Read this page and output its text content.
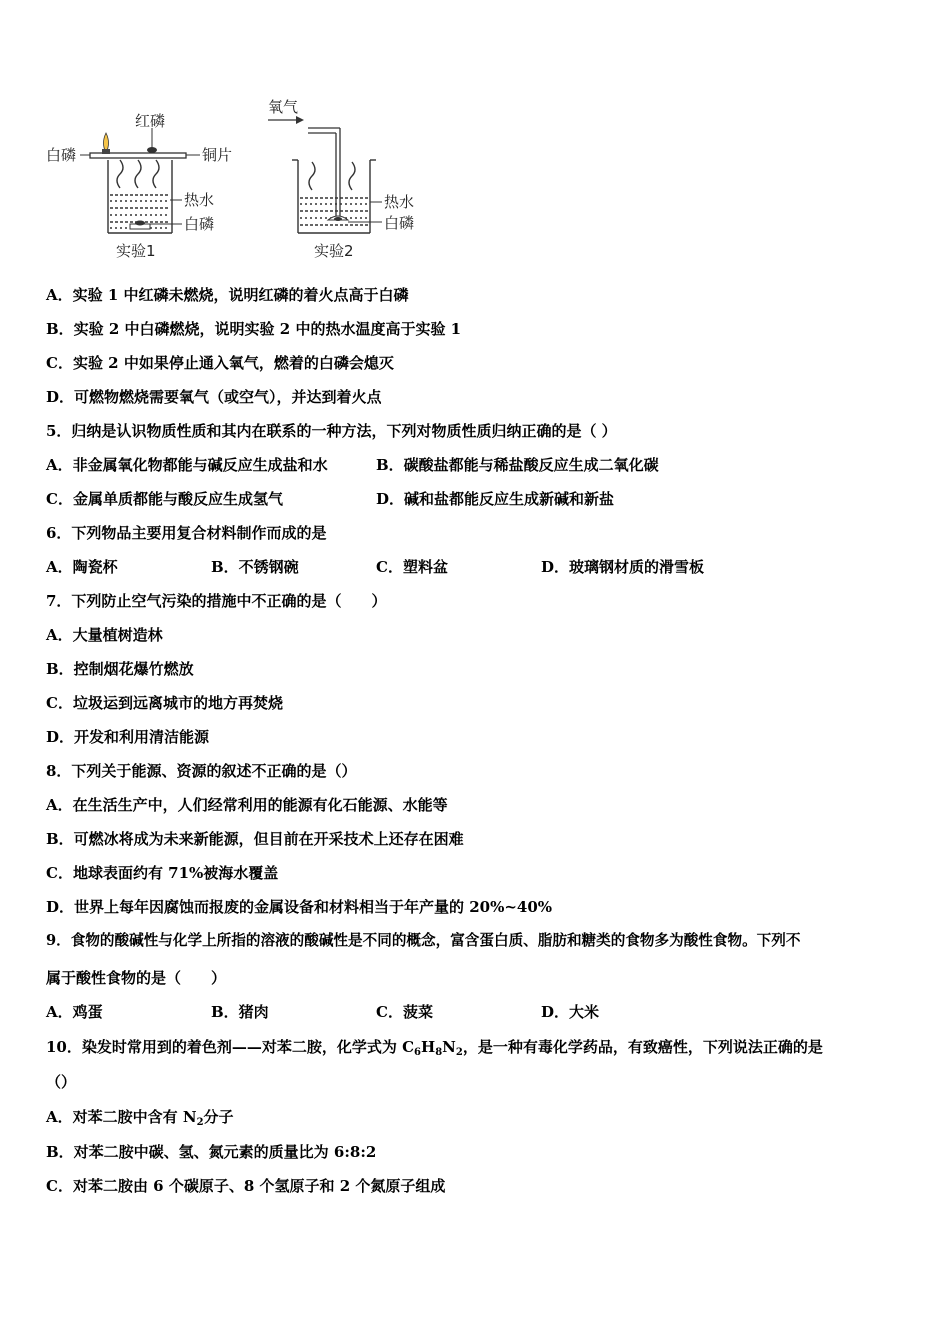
红磷
白磷	铜片
热水
白磷
实验1
氧气
热水
白磷
实验2
A．实验 1 中红磷未燃烧，说明红磷的着火点高于白磷
B．实验 2 中白磷燃烧，说明实验 2 中的热水温度高于实验 1
C．实验 2 中如果停止通入氧气，燃着的白磷会熄灭
D．可燃物燃烧需要氧气（或空气），并达到着火点
5．归纳是认识物质性质和其内在联系的一种方法，下列对物质性质归纳正确的是（ ）
A．非金属氧化物都能与碱反应生成盐和水	B．碳酸盐都能与稀盐酸反应生成二氧化碳
C．金属单质都能与酸反应生成氢气	D．碱和盐都能反应生成新碱和新盐
6．下列物品主要用复合材料制作而成的是
A．陶瓷杯	B．不锈钢碗	C．塑料盆	D．玻璃钢材质的滑雪板
7．下列防止空气污染的措施中不正确的是（　　）
A．大量植树造林
B．控制烟花爆竹燃放
C．垃圾运到远离城市的地方再焚烧
D．开发和利用清洁能源
8．下列关于能源、资源的叙述不正确的是（）
A．在生活生产中，人们经常利用的能源有化石能源、水能等
B．可燃冰将成为未来新能源，但目前在开采技术上还存在困难
C．地球表面约有 71%被海水覆盖
D．世界上每年因腐蚀而报废的金属设备和材料相当于年产量的 20%~40%
9．食物的酸碱性与化学上所指的溶液的酸碱性是不同的概念，富含蛋白质、脂肪和糖类的食物多为酸性食物。下列不
属于酸性食物的是（　　）
A．鸡蛋	B．猪肉	C．菠菜	D．大米
10．染发时常用到的着色剂——对苯二胺，化学式为 $C_6H_8N_2$，是一种有毒化学药品，有致癌性，下列说法正确的是
（）
A．对苯二胺中含有 $N_2$分子
B．对苯二胺中碳、氢、氮元素的质量比为 6:8:2
C．对苯二胺由 6 个碳原子、8 个氢原子和 2 个氮原子组成
